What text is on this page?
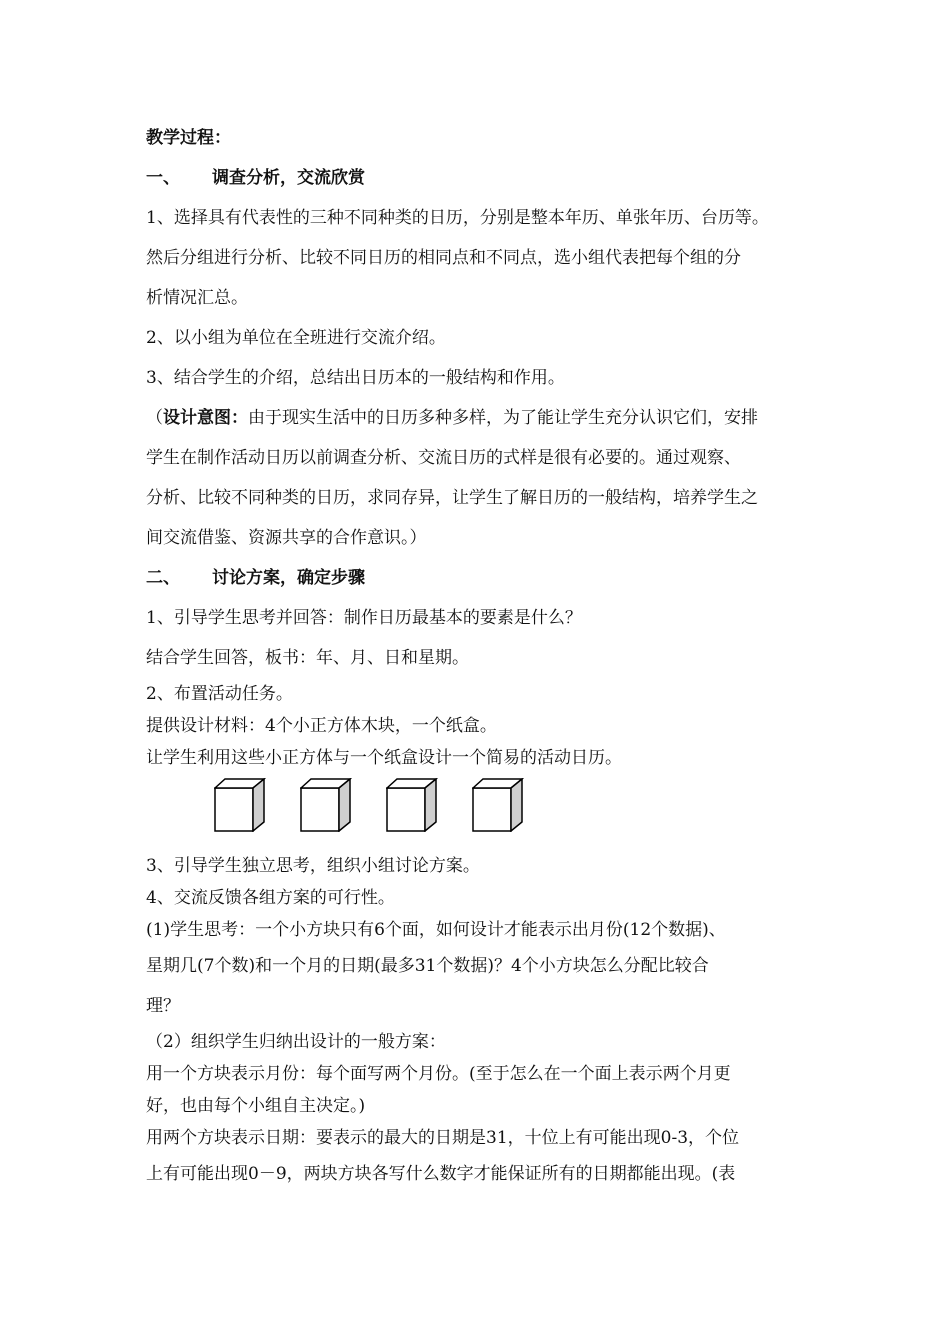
教学过程：
一、 调查分析，交流欣赏
1、选择具有代表性的三种不同种类的日历，分别是整本年历、单张年历、台历等。
然后分组进行分析、比较不同日历的相同点和不同点，选小组代表把每个组的分
析情况汇总。
2、以小组为单位在全班进行交流介绍。
3、结合学生的介绍，总结出日历本的一般结构和作用。
（设计意图：由于现实生活中的日历多种多样，为了能让学生充分认识它们，安排
学生在制作活动日历以前调查分析、交流日历的式样是很有必要的。通过观察、
分析、比较不同种类的日历，求同存异，让学生了解日历的一般结构，培养学生之
间交流借鉴、资源共享的合作意识。）
二、 讨论方案，确定步骤
1、引导学生思考并回答：制作日历最基本的要素是什么？
结合学生回答，板书：年、月、日和星期。
2、布置活动任务。
提供设计材料：4个小正方体木块，一个纸盒。
让学生利用这些小正方体与一个纸盒设计一个简易的活动日历。
3、引导学生独立思考，组织小组讨论方案。
4、交流反馈各组方案的可行性。
(1)学生思考：一个小方块只有6个面，如何设计才能表示出月份(12个数据)、
星期几(7个数)和一个月的日期(最多31个数据)？4个小方块怎么分配比较合
理？
（2）组织学生归纳出设计的一般方案：
用一个方块表示月份：每个面写两个月份。(至于怎么在一个面上表示两个月更
好，也由每个小组自主决定。)
用两个方块表示日期：要表示的最大的日期是31，十位上有可能出现0-3，个位
上有可能出现0－9，两块方块各写什么数字才能保证所有的日期都能出现。(表
